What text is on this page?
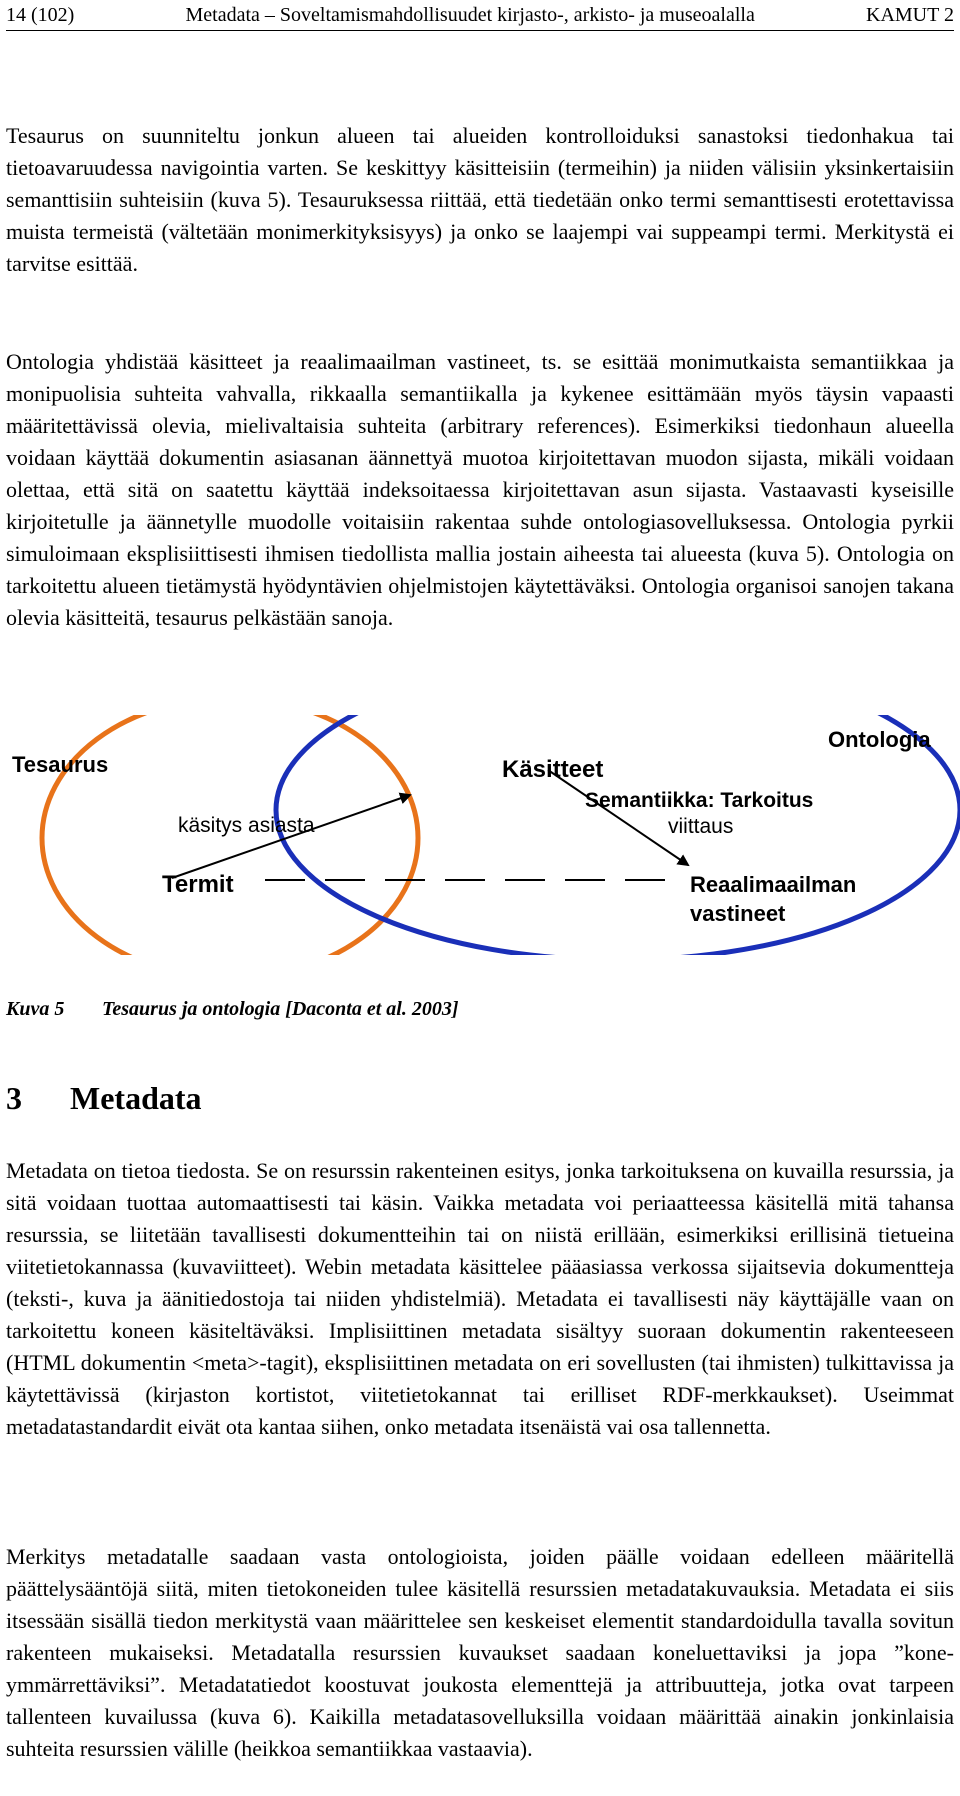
14 (102)	Metadata – Soveltamismahdollisuudet kirjasto-, arkisto- ja museoalalla	KAMUT 2

Tesaurus on suunniteltu jonkun alueen tai alueiden kontrolloiduksi sanastoksi tiedonhakua tai tietoavaruudessa navigointia varten. Se keskittyy käsitteisiin (termeihin) ja niiden välisiin yksinkertaisiin semanttisiin suhteisiin (kuva 5). Tesauruksessa riittää, että tiedetään onko termi semanttisesti erotettavissa muista termeistä (vältetään monimerkityksisyys) ja onko se laajempi vai suppeampi termi. Merkitystä ei tarvitse esittää.

Ontologia yhdistää käsitteet ja reaalimaailman vastineet, ts. se esittää monimutkaista semantiikkaa ja monipuolisia suhteita vahvalla, rikkaalla semantiikalla ja kykenee esittämään myös täysin vapaasti määritettävissä olevia, mielivaltaisia suhteita (arbitrary references). Esimerkiksi tiedonhaun alueella voidaan käyttää dokumentin asiasanan äännettyä muotoa kirjoitettavan muodon sijasta, mikäli voidaan olettaa, että sitä on saatettu käyttää indeksoitaessa kirjoitettavan asun sijasta. Vastaavasti kyseisille kirjoitetulle ja äännetylle muodolle voitaisiin rakentaa suhde ontologiasovelluksessa. Ontologia pyrkii simuloimaan eksplisiittisesti ihmisen tiedollista mallia jostain aiheesta tai alueesta (kuva 5). Ontologia on tarkoitettu alueen tietämystä hyödyntävien ohjelmistojen käytettäväksi. Ontologia organisoi sanojen takana olevia käsitteitä, tesaurus pelkästään sanoja.

Tesaurus
Ontologia
Käsitteet
Semantiikka: Tarkoitus
viittaus
käsitys asiasta
Termit	Reaalimaailman
vastineet
Kuva 5 Tesaurus ja ontologia [Daconta et al. 2003]
3 Metadata

Metadata on tietoa tiedosta. Se on resurssin rakenteinen esitys, jonka tarkoituksena on kuvailla resurssia, ja sitä voidaan tuottaa automaattisesti tai käsin. Vaikka metadata voi periaatteessa käsitellä mitä tahansa resurssia, se liitetään tavallisesti dokumentteihin tai on niistä erillään, esimerkiksi erillisinä tietueina viitetietokannassa (kuvaviitteet). Webin metadata käsittelee pääasiassa verkossa sijaitsevia dokumentteja (teksti-, kuva ja äänitiedostoja tai niiden yhdistelmiä). Metadata ei tavallisesti näy käyttäjälle vaan on tarkoitettu koneen käsiteltäväksi. Implisiittinen metadata sisältyy suoraan dokumentin rakenteeseen (HTML dokumentin <meta>-tagit), eksplisiittinen metadata on eri sovellusten (tai ihmisten) tulkittavissa ja käytettävissä (kirjaston kortistot, viitetietokannat tai erilliset RDF-merkkaukset). Useimmat metadatastandardit eivät ota kantaa siihen, onko metadata itsenäistä vai osa tallennetta.

Merkitys metadatalle saadaan vasta ontologioista, joiden päälle voidaan edelleen määritellä päättelysääntöjä siitä, miten tietokoneiden tulee käsitellä resurssien metadatakuvauksia. Metadata ei siis itsessään sisällä tiedon merkitystä vaan määrittelee sen keskeiset elementit standardoidulla tavalla sovitun rakenteen mukaiseksi. Metadatalla resurssien kuvaukset saadaan koneluettaviksi ja jopa ”kone-ymmärrettäviksi”. Metadatatiedot koostuvat joukosta elementtejä ja attribuutteja, jotka ovat tarpeen tallenteen kuvailussa (kuva 6). Kaikilla metadatasovelluksilla voidaan määrittää ainakin jonkinlaisia suhteita resurssien välille (heikkoa semantiikkaa vastaavia).
